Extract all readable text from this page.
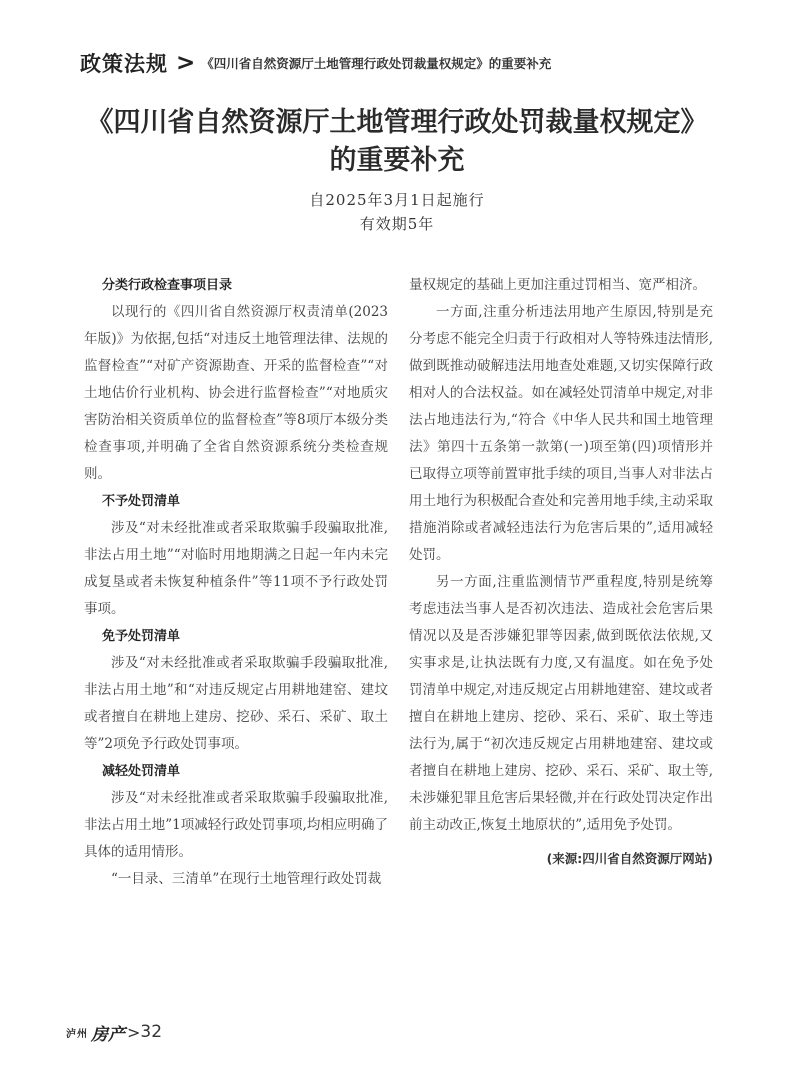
政策法规 > 《四川省自然资源厅土地管理行政处罚裁量权规定》的重要补充
《四川省自然资源厅土地管理行政处罚裁量权规定》
的重要补充
自2025年3月1日起施行
有效期5年

分类行政检查事项目录

以现行的《四川省自然资源厅权责清单(2023年版)》为依据,包括“对违反土地管理法律、法规的监督检查”“对矿产资源勘查、开采的监督检查”“对土地估价行业机构、协会进行监督检查”“对地质灾害防治相关资质单位的监督检查”等8项厅本级分类检查事项,并明确了全省自然资源系统分类检查规则。

不予处罚清单

涉及“对未经批准或者采取欺骗手段骗取批准,非法占用土地”“对临时用地期满之日起一年内未完成复垦或者未恢复种植条件”等11项不予行政处罚事项。

免予处罚清单

涉及“对未经批准或者采取欺骗手段骗取批准,非法占用土地”和“对违反规定占用耕地建窑、建坟或者擅自在耕地上建房、挖砂、采石、采矿、取土等”2项免予行政处罚事项。

减轻处罚清单

涉及“对未经批准或者采取欺骗手段骗取批准,非法占用土地”1项减轻行政处罚事项,均相应明确了具体的适用情形。

“一目录、三清单”在现行土地管理行政处罚裁

量权规定的基础上更加注重过罚相当、宽严相济。

一方面,注重分析违法用地产生原因,特别是充分考虑不能完全归责于行政相对人等特殊违法情形,做到既推动破解违法用地查处难题,又切实保障行政相对人的合法权益。如在减轻处罚清单中规定,对非法占地违法行为,“符合《中华人民共和国土地管理法》第四十五条第一款第(一)项至第(四)项情形并已取得立项等前置审批手续的项目,当事人对非法占用土地行为积极配合查处和完善用地手续,主动采取措施消除或者减轻违法行为危害后果的”,适用减轻处罚。

另一方面,注重监测情节严重程度,特别是统筹考虑违法当事人是否初次违法、造成社会危害后果情况以及是否涉嫌犯罪等因素,做到既依法依规,又实事求是,让执法既有力度,又有温度。如在免予处罚清单中规定,对违反规定占用耕地建窑、建坟或者擅自在耕地上建房、挖砂、采石、采矿、取土等违法行为,属于“初次违反规定占用耕地建窑、建坟或者擅自在耕地上建房、挖砂、采石、采矿、取土等,未涉嫌犯罪且危害后果轻微,并在行政处罚决定作出前主动改正,恢复土地原状的”,适用免予处罚。

(来源:四川省自然资源厅网站)
泸州 房产 > 32
